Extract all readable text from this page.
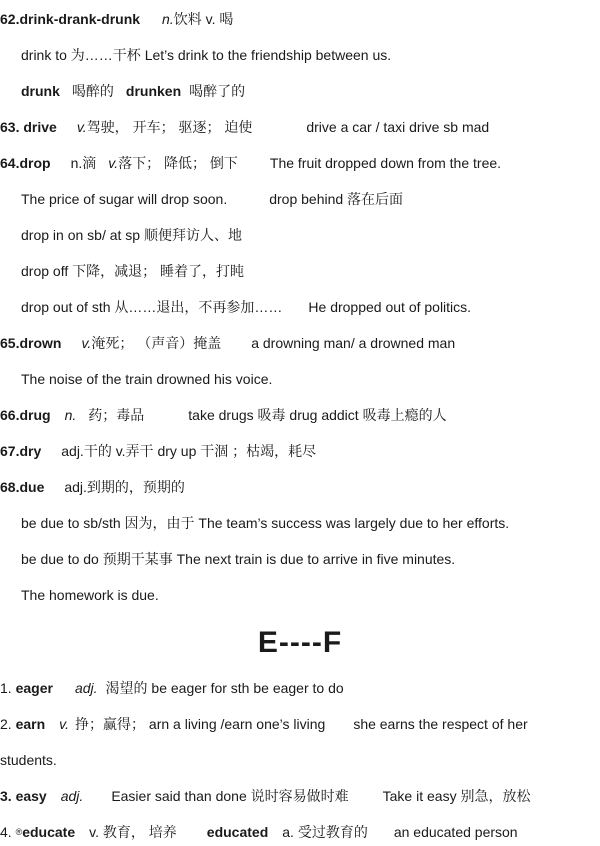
62.drink-drank-drunk n.饮料 v. 喝
drink to 为……干杯 Let’s drink to the friendship between us.
drunk 喝醉的 drunken 喝醉了的
63. drive v.驾驶， 开车； 驱逐； 迫使	drive a car / taxi drive sb mad
64.drop n.滴 v.落下； 降低； 倒下 The fruit dropped down from the tree.
The price of sugar will drop soon.	drop behind 落在后面
drop in on sb/ at sp 顺便拜访人、地
drop off 下降，减退； 睡着了，打盹
drop out of sth 从……退出，不再参加…… He dropped out of politics.
65.drown v.淹死； （声音）掩盖 a drowning man/ a drowned man
The noise of the train drowned his voice.
66.drug n. 药；毒品	take drugs 吸毒 drug addict 吸毒上瘾的人
67.dry adj.干的 v.弄干 dry up 干涸 ；枯竭，耗尽
68.due adj.到期的，预期的
be due to sb/sth 因为，由于 The team’s success was largely due to her efforts.
be due to do 预期干某事 The next train is due to arrive in five minutes.
The homework is due.
E----F
1. eager adj. 渴望的 be eager for sth be eager to do
2. earn v. 挣；赢得； arn a living /earn one’s living she earns the respect of her
students.
3. easy adj. Easier said than done 说时容易做时难 Take it easy 别急，放松
4. ®educate v. 教育， 培养 educated a. 受过教育的 an educated person
